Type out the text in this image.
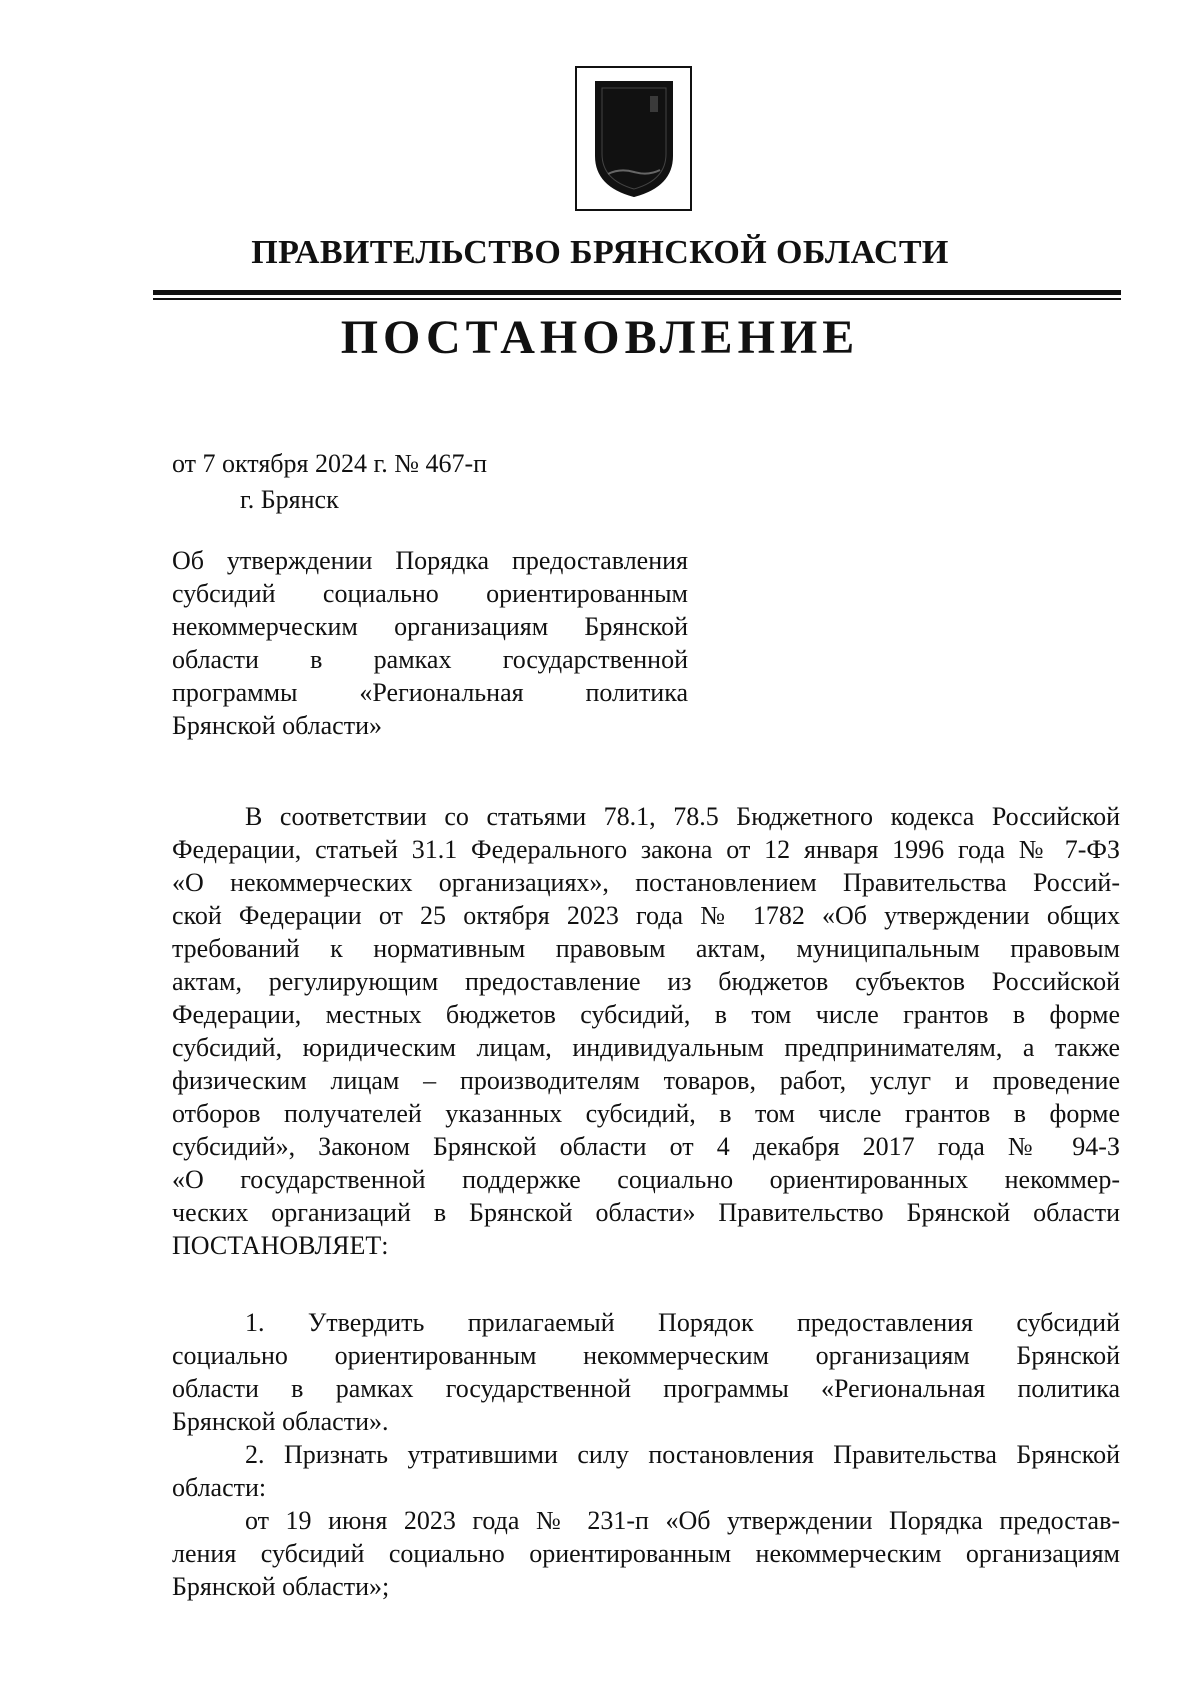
ПРАВИТЕЛЬСТВО БРЯНСКОЙ ОБЛАСТИ
ПОСТАНОВЛЕНИЕ
от 7 октября 2024 г. № 467-п
г. Брянск
Об утверждении Порядка предоставления
субсидий социально ориентированным
некоммерческим организациям Брянской
области в рамках государственной
программы «Региональная политика
Брянской области»
В соответствии со статьями 78.1, 78.5 Бюджетного кодекса Российской
Федерации, статьей 31.1 Федерального закона от 12 января 1996 года № 7-ФЗ
«О некоммерческих организациях», постановлением Правительства Россий-
ской Федерации от 25 октября 2023 года № 1782 «Об утверждении общих
требований к нормативным правовым актам, муниципальным правовым
актам, регулирующим предоставление из бюджетов субъектов Российской
Федерации, местных бюджетов субсидий, в том числе грантов в форме
субсидий, юридическим лицам, индивидуальным предпринимателям, а также
физическим лицам – производителям товаров, работ, услуг и проведение
отборов получателей указанных субсидий, в том числе грантов в форме
субсидий», Законом Брянской области от 4 декабря 2017 года № 94-З
«О государственной поддержке социально ориентированных некоммер-
ческих организаций в Брянской области» Правительство Брянской области
ПОСТАНОВЛЯЕТ:
1. Утвердить прилагаемый Порядок предоставления субсидий
социально ориентированным некоммерческим организациям Брянской
области в рамках государственной программы «Региональная политика
Брянской области».
2. Признать утратившими силу постановления Правительства Брянской
области:
от 19 июня 2023 года № 231-п «Об утверждении Порядка предостав-
ления субсидий социально ориентированным некоммерческим организациям
Брянской области»;
